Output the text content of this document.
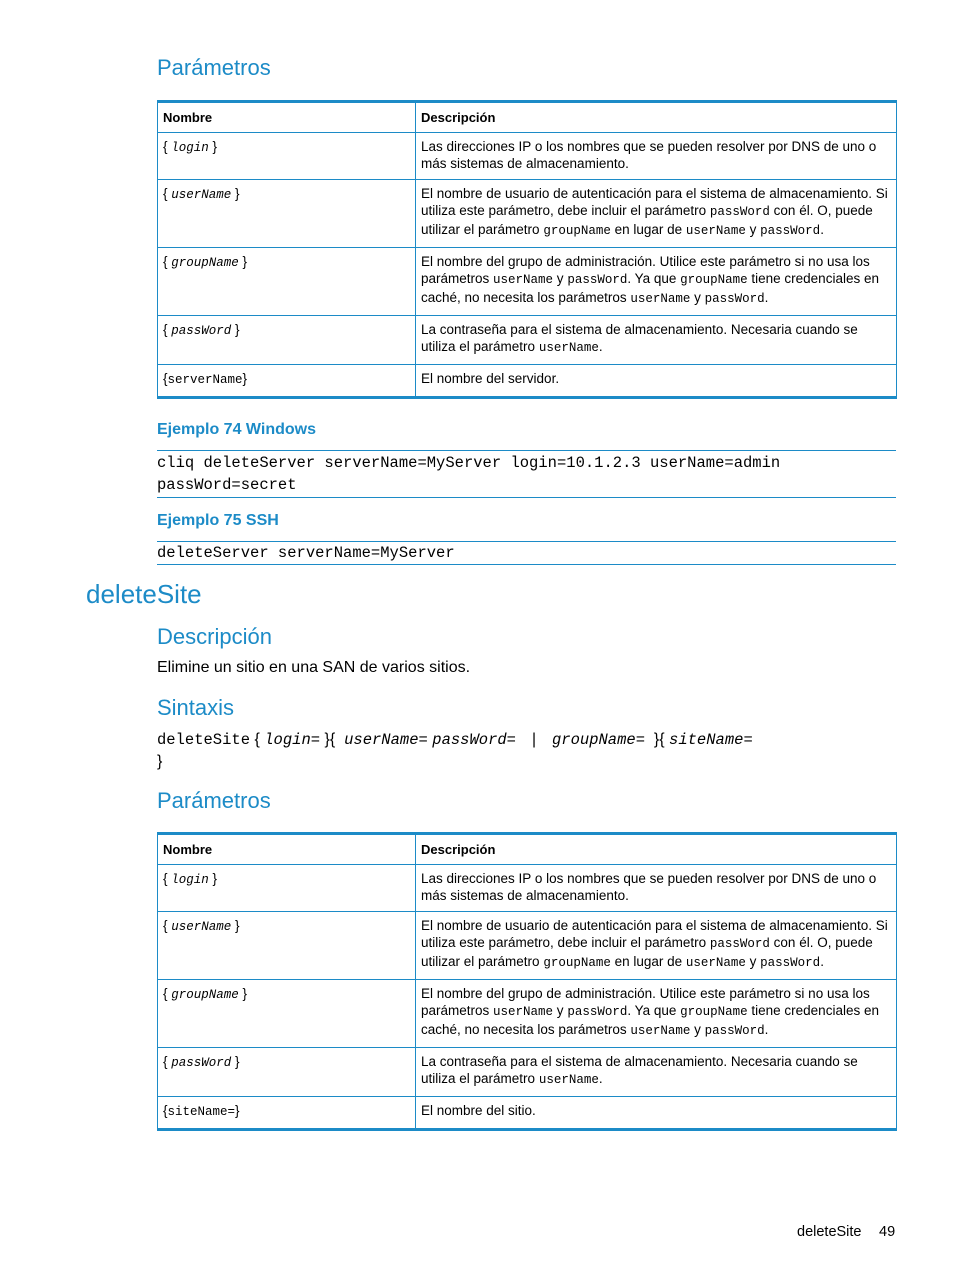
Parámetros
Nombre	Descripción
{ login }	Las direcciones IP o los nombres que se pueden resolver por DNS de uno o más sistemas de almacenamiento.
{ userName }	El nombre de usuario de autenticación para el sistema de almacenamiento. Si utiliza este parámetro, debe incluir el parámetro passWord con él. O, puede utilizar el parámetro groupName en lugar de userName y passWord.
{ groupName }	El nombre del grupo de administración. Utilice este parámetro si no usa los parámetros userName y passWord. Ya que groupName tiene credenciales en caché, no necesita los parámetros userName y passWord.
{ passWord }	La contraseña para el sistema de almacenamiento. Necesaria cuando se utiliza el parámetro userName.
{serverName}	El nombre del servidor.
Ejemplo 74 Windows
cliq deleteServer serverName=MyServer login=10.1.2.3 userName=admin
passWord=secret
Ejemplo 75 SSH
deleteServer serverName=MyServer
deleteSite
Descripción

Elimine un sitio en una SAN de varios sitios.

Sintaxis
deleteSite { login= }{  userName= passWord= | groupName=  }{ siteName=
}
Parámetros
Nombre	Descripción
{ login }	Las direcciones IP o los nombres que se pueden resolver por DNS de uno o más sistemas de almacenamiento.
{ userName }	El nombre de usuario de autenticación para el sistema de almacenamiento. Si utiliza este parámetro, debe incluir el parámetro passWord con él. O, puede utilizar el parámetro groupName en lugar de userName y passWord.
{ groupName }	El nombre del grupo de administración. Utilice este parámetro si no usa los parámetros userName y passWord. Ya que groupName tiene credenciales en caché, no necesita los parámetros userName y passWord.
{ passWord }	La contraseña para el sistema de almacenamiento. Necesaria cuando se utiliza el parámetro userName.
{siteName=}	El nombre del sitio.
deleteSite 49
